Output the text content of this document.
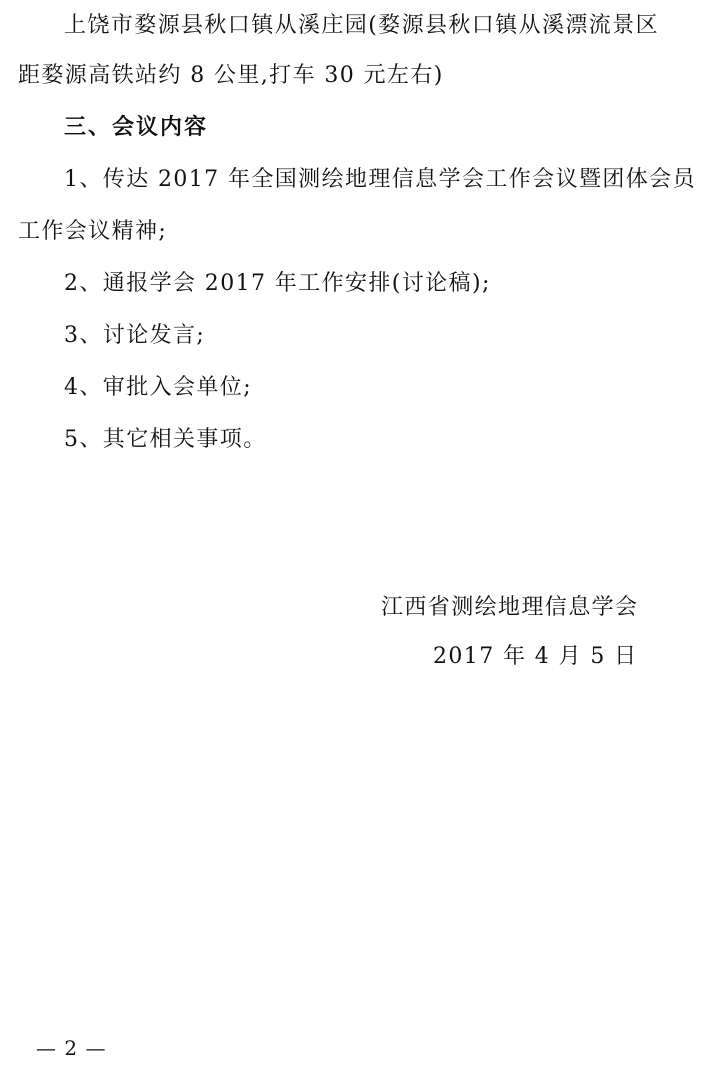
上饶市婺源县秋口镇从溪庄园(婺源县秋口镇从溪漂流景区
距婺源高铁站约 8 公里,打车 30 元左右)
三、会议内容
1、传达 2017 年全国测绘地理信息学会工作会议暨团体会员
工作会议精神;
2、通报学会 2017 年工作安排(讨论稿);
3、讨论发言;
4、审批入会单位;
5、其它相关事项。
江西省测绘地理信息学会
2017 年 4 月 5 日
— 2 —
